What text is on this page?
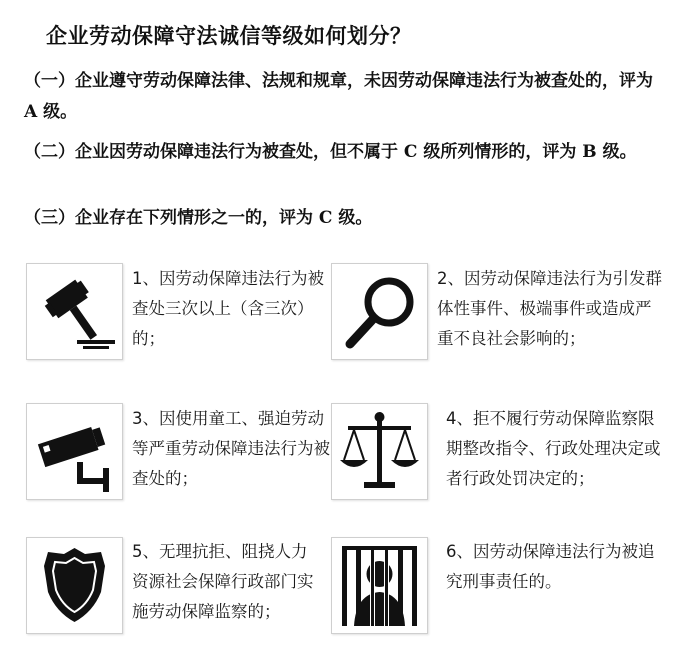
企业劳动保障守法诚信等级如何划分？
（一）企业遵守劳动保障法律、法规和规章，未因劳动保障违法行为被查处的，评为 A 级。
（二）企业因劳动保障违法行为被查处，但不属于 C 级所列情形的，评为 B 级。
（三）企业存在下列情形之一的，评为 C 级。
1、因劳动保障违法行为被查处三次以上（含三次）的；
2、因劳动保障违法行为引发群体性事件、极端事件或造成严重不良社会影响的；
3、因使用童工、强迫劳动等严重劳动保障违法行为被查处的；
4、拒不履行劳动保障监察限期整改指令、行政处理决定或者行政处罚决定的；
5、无理抗拒、阻挠人力资源社会保障行政部门实施劳动保障监察的；
6、因劳动保障违法行为被追究刑事责任的。
